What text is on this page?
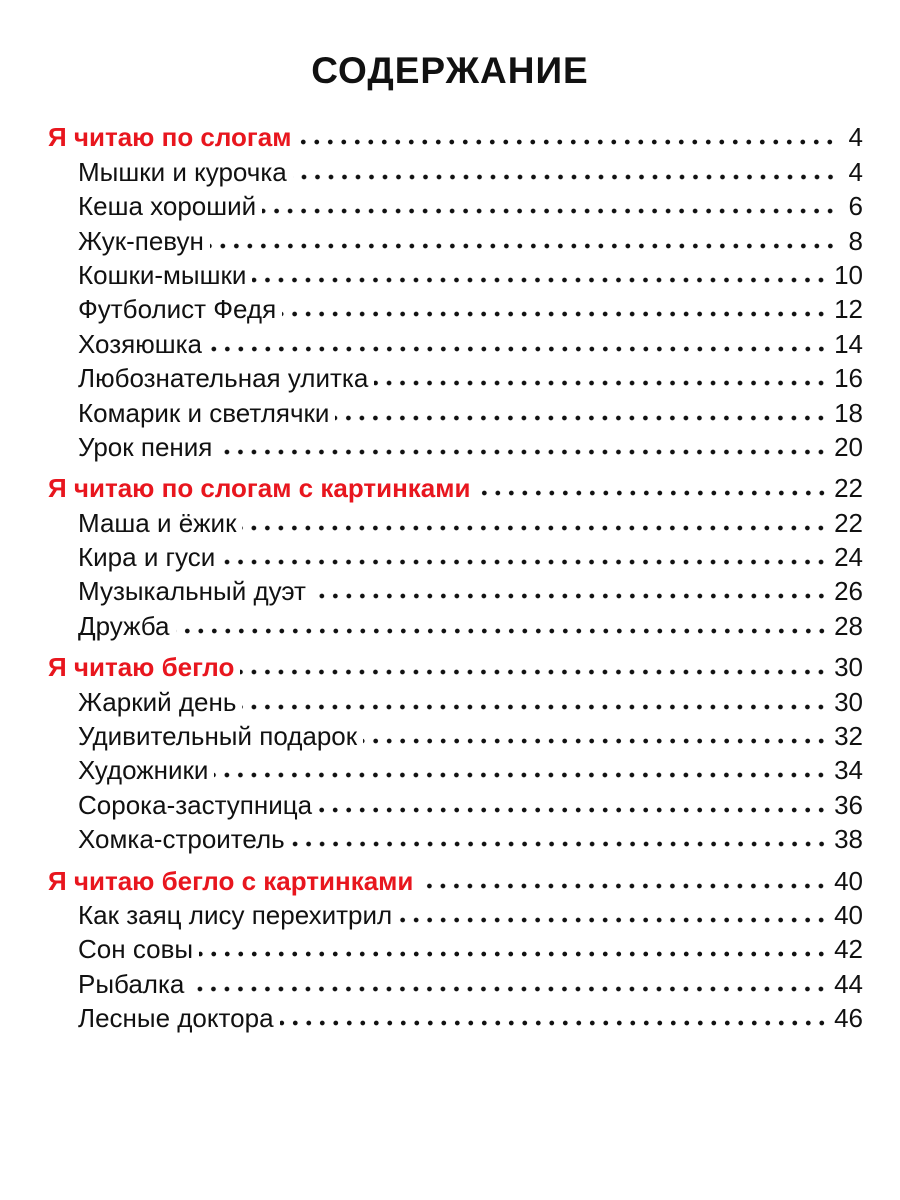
СОДЕРЖАНИЕ
Я читаю по слогам	4
Мышки и курочка	4
Кеша хороший	6
Жук-певун	8
Кошки-мышки	10
Футболист Федя	12
Хозяюшка	14
Любознательная улитка	16
Комарик и светлячки	18
Урок пения	20
Я читаю по слогам с картинками	22
Маша и ёжик	22
Кира и гуси	24
Музыкальный дуэт	26
Дружба	28
Я читаю бегло	30
Жаркий день	30
Удивительный подарок	32
Художники	34
Сорока-заступница	36
Хомка-строитель	38
Я читаю бегло с картинками	40
Как заяц лису перехитрил	40
Сон совы	42
Рыбалка	44
Лесные доктора	46
